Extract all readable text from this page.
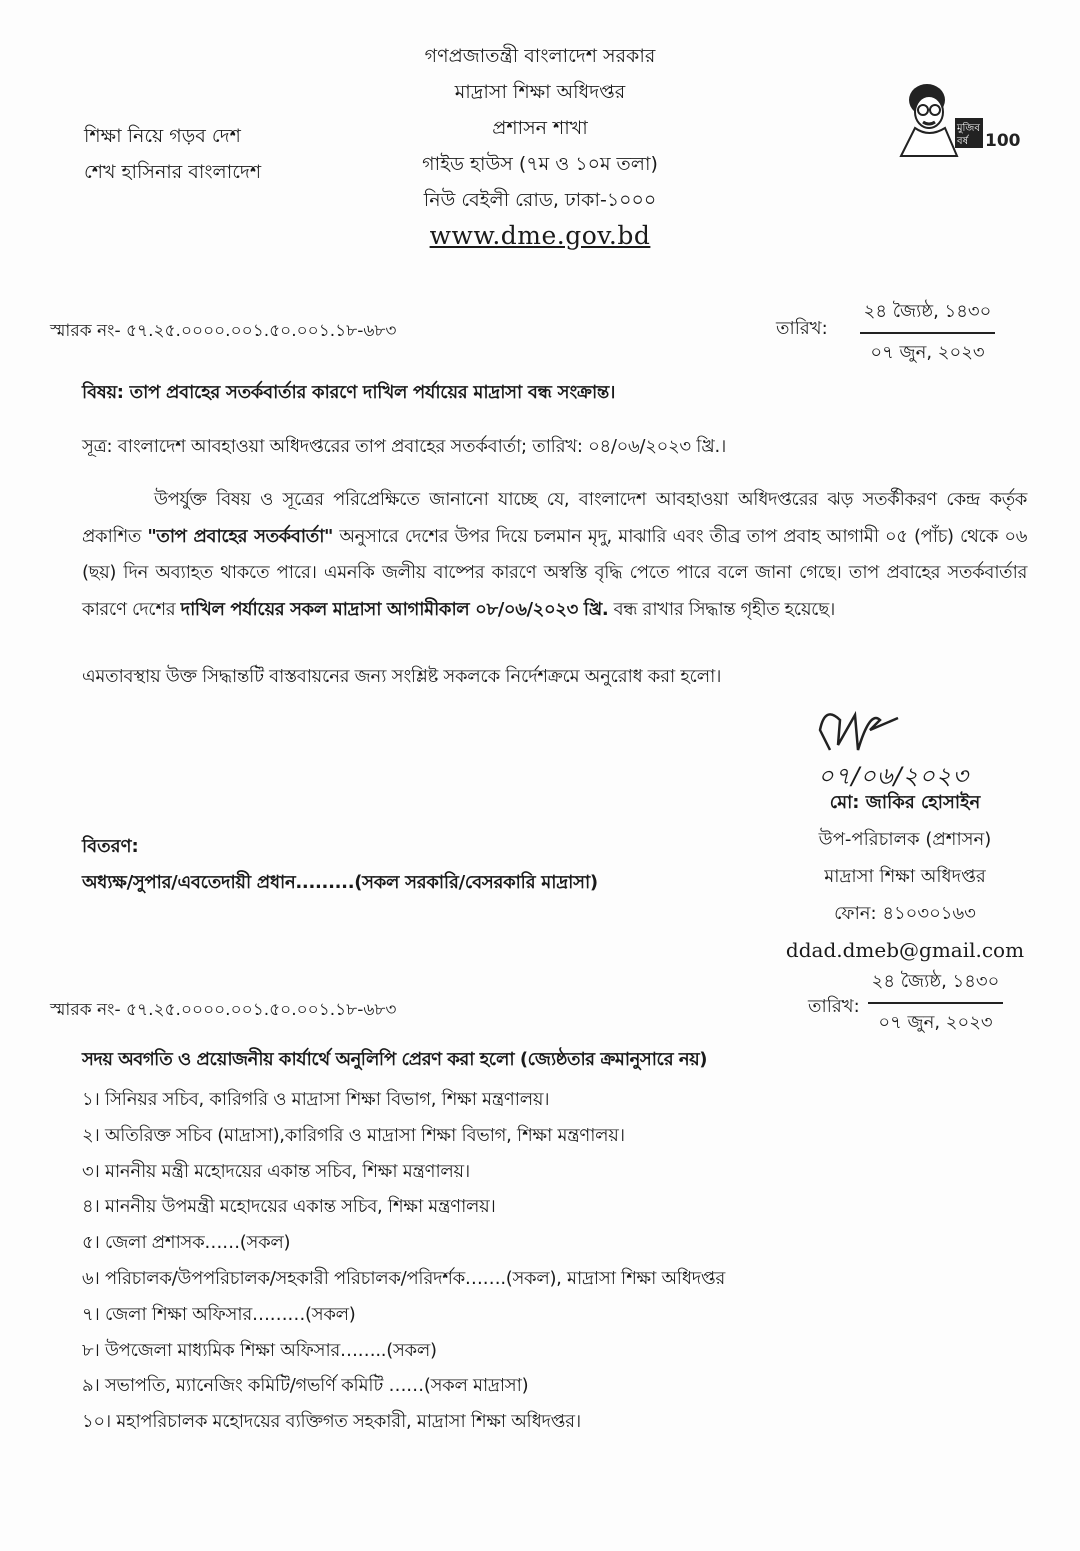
গণপ্রজাতন্ত্রী বাংলাদেশ সরকার
মাদ্রাসা শিক্ষা অধিদপ্তর
প্রশাসন শাখা
গাইড হাউস (৭ম ও ১০ম তলা)
নিউ বেইলী রোড, ঢাকা-১০০০
www.dme.gov.bd
শিক্ষা নিয়ে গড়ব দেশ
শেখ হাসিনার বাংলাদেশ
মুজিব
বর্ষ 100
স্মারক নং- ৫৭.২৫.০০০০.০০১.৫০.০০১.১৮-৬৮৩	তারিখ:
২৪ জ্যৈষ্ঠ, ১৪৩০
০৭ জুন, ২০২৩
বিষয়: তাপ প্রবাহের সতর্কবার্তার কারণে দাখিল পর্যায়ের মাদ্রাসা বন্ধ সংক্রান্ত।
সূত্র: বাংলাদেশ আবহাওয়া অধিদপ্তরের তাপ প্রবাহের সতর্কবার্তা; তারিখ: ০৪/০৬/২০২৩ খ্রি.।
উপর্যুক্ত বিষয় ও সূত্রের পরিপ্রেক্ষিতে জানানো যাচ্ছে যে, বাংলাদেশ আবহাওয়া অধিদপ্তরের ঝড় সতর্কীকরণ কেন্দ্র কর্তৃক প্রকাশিত "তাপ প্রবাহের সতর্কবার্তা" অনুসারে দেশের উপর দিয়ে চলমান মৃদু, মাঝারি এবং তীব্র তাপ প্রবাহ আগামী ০৫ (পাঁচ) থেকে ০৬ (ছয়) দিন অব্যাহত থাকতে পারে। এমনকি জলীয় বাষ্পের কারণে অস্বস্তি বৃদ্ধি পেতে পারে বলে জানা গেছে। তাপ প্রবাহের সতর্কবার্তার কারণে দেশের দাখিল পর্যায়ের সকল মাদ্রাসা আগামীকাল ০৮/০৬/২০২৩ খ্রি. বন্ধ রাখার সিদ্ধান্ত গৃহীত হয়েছে।
এমতাবস্থায় উক্ত সিদ্ধান্তটি বাস্তবায়নের জন্য সংশ্লিষ্ট সকলকে নির্দেশক্রমে অনুরোধ করা হলো।
০৭/০৬/২০২৩
মো: জাকির হোসাইন
উপ-পরিচালক (প্রশাসন)
মাদ্রাসা শিক্ষা অধিদপ্তর
ফোন: ৪১০৩০১৬৩
ddad.dmeb@gmail.com
বিতরণ:
অধ্যক্ষ/সুপার/এবতেদায়ী প্রধান.........(সকল সরকারি/বেসরকারি মাদ্রাসা)
স্মারক নং- ৫৭.২৫.০০০০.০০১.৫০.০০১.১৮-৬৮৩	তারিখ:
২৪ জ্যৈষ্ঠ, ১৪৩০
০৭ জুন, ২০২৩
সদয় অবগতি ও প্রয়োজনীয় কার্যার্থে অনুলিপি প্রেরণ করা হলো (জ্যেষ্ঠতার ক্রমানুসারে নয়)
১। সিনিয়র সচিব, কারিগরি ও মাদ্রাসা শিক্ষা বিভাগ, শিক্ষা মন্ত্রণালয়।
২। অতিরিক্ত সচিব (মাদ্রাসা),কারিগরি ও মাদ্রাসা শিক্ষা বিভাগ, শিক্ষা মন্ত্রণালয়।
৩। মাননীয় মন্ত্রী মহোদয়ের একান্ত সচিব, শিক্ষা মন্ত্রণালয়।
৪। মাননীয় উপমন্ত্রী মহোদয়ের একান্ত সচিব, শিক্ষা মন্ত্রণালয়।
৫। জেলা প্রশাসক……(সকল)
৬। পরিচালক/উপপরিচালক/সহকারী পরিচালক/পরিদর্শক…….(সকল), মাদ্রাসা শিক্ষা অধিদপ্তর
৭। জেলা শিক্ষা অফিসার………(সকল)
৮। উপজেলা মাধ্যমিক শিক্ষা অফিসার……..(সকল)
৯। সভাপতি, ম্যানেজিং কমিটি/গভর্ণি কমিটি ……(সকল মাদ্রাসা)
১০। মহাপরিচালক মহোদয়ের ব্যক্তিগত সহকারী, মাদ্রাসা শিক্ষা অধিদপ্তর।
